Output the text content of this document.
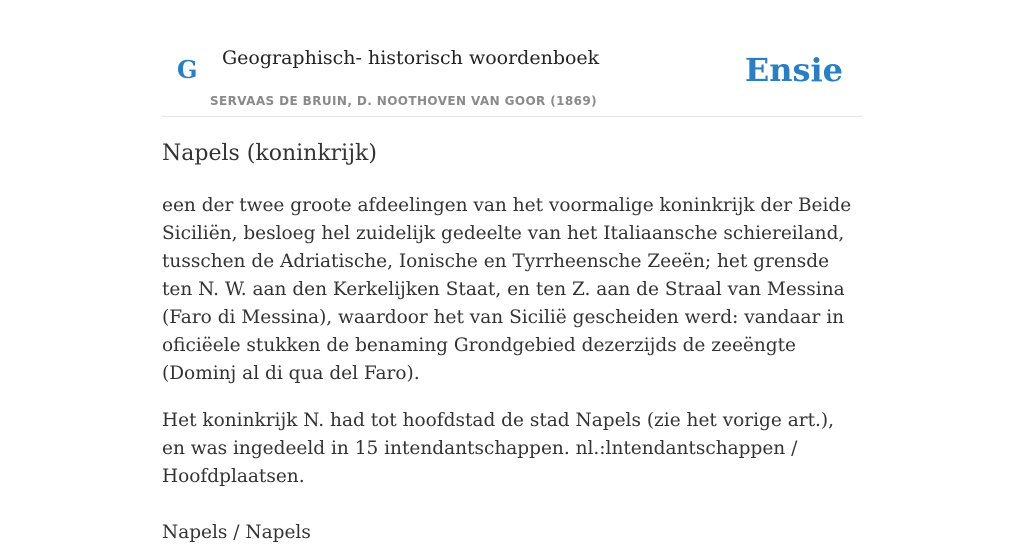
G Geographisch- historisch woordenboek
SERVAAS DE BRUIN, D. NOOTHOVEN VAN GOOR (1869)
Ensie
Napels (koninkrijk)

een der twee groote afdeelingen van het voormalige koninkrijk der Beide Siciliën, besloeg hel zuidelijk gedeelte van het Italiaansche schiereiland, tusschen de Adriatische, Ionische en Tyrrheensche Zeeën; het grensde ten N. W. aan den Kerkelijken Staat, en ten Z. aan de Straal van Messina (Faro di Messina), waardoor het van Sicilië gescheiden werd: vandaar in oficiëele stukken de benaming Grondgebied dezerzijds de zeeëngte (Dominj al di qua del Faro).

Het koninkrijk N. had tot hoofdstad de stad Napels (zie het vorige art.), en was ingedeeld in 15 intendantschappen. nl.:lntendantschappen / Hoofdplaatsen.

Napels / Napels
